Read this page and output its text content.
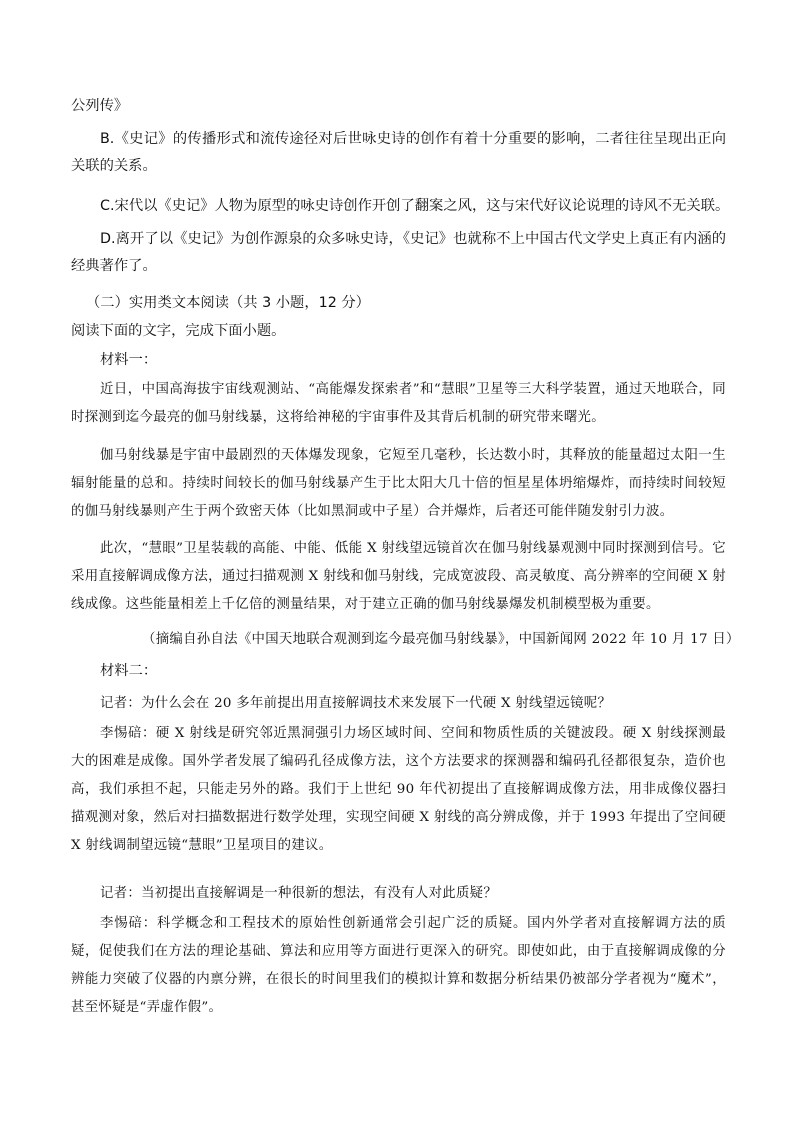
公列传》

B.《史记》的传播形式和流传途径对后世咏史诗的创作有着十分重要的影响，二者往往呈现出正向关联的关系。

C.宋代以《史记》人物为原型的咏史诗创作开创了翻案之风，这与宋代好议论说理的诗风不无关联。

D.离开了以《史记》为创作源泉的众多咏史诗，《史记》也就称不上中国古代文学史上真正有内涵的经典著作了。

（二）实用类文本阅读（共 3 小题，12 分）

阅读下面的文字，完成下面小题。

材料一：

近日，中国高海拔宇宙线观测站、“高能爆发探索者”和“慧眼”卫星等三大科学装置，通过天地联合，同时探测到迄今最亮的伽马射线暴，这将给神秘的宇宙事件及其背后机制的研究带来曙光。

伽马射线暴是宇宙中最剧烈的天体爆发现象，它短至几毫秒，长达数小时，其释放的能量超过太阳一生辐射能量的总和。持续时间较长的伽马射线暴产生于比太阳大几十倍的恒星星体坍缩爆炸，而持续时间较短的伽马射线暴则产生于两个致密天体（比如黑洞或中子星）合并爆炸，后者还可能伴随发射引力波。

此次，“慧眼”卫星装载的高能、中能、低能 X 射线望远镜首次在伽马射线暴观测中同时探测到信号。它采用直接解调成像方法，通过扫描观测 X 射线和伽马射线，完成宽波段、高灵敏度、高分辨率的空间硬 X 射线成像。这些能量相差上千亿倍的测量结果，对于建立正确的伽马射线暴爆发机制模型极为重要。

（摘编自孙自法《中国天地联合观测到迄今最亮伽马射线暴》，中国新闻网 2022 年 10 月 17 日）

材料二：

记者：为什么会在 20 多年前提出用直接解调技术来发展下一代硬 X 射线望远镜呢？

李惕碚：硬 X 射线是研究邻近黑洞强引力场区域时间、空间和物质性质的关键波段。硬 X 射线探测最大的困难是成像。国外学者发展了编码孔径成像方法，这个方法要求的探测器和编码孔径都很复杂，造价也高，我们承担不起，只能走另外的路。我们于上世纪 90 年代初提出了直接解调成像方法，用非成像仪器扫描观测对象，然后对扫描数据进行数学处理，实现空间硬 X 射线的高分辨成像，并于 1993 年提出了空间硬 X 射线调制望远镜“慧眼”卫星项目的建议。

记者：当初提出直接解调是一种很新的想法，有没有人对此质疑？

李惕碚：科学概念和工程技术的原始性创新通常会引起广泛的质疑。国内外学者对直接解调方法的质疑，促使我们在方法的理论基础、算法和应用等方面进行更深入的研究。即使如此，由于直接解调成像的分辨能力突破了仪器的内禀分辨，在很长的时间里我们的模拟计算和数据分析结果仍被部分学者视为“魔术”，甚至怀疑是“弄虚作假”。
